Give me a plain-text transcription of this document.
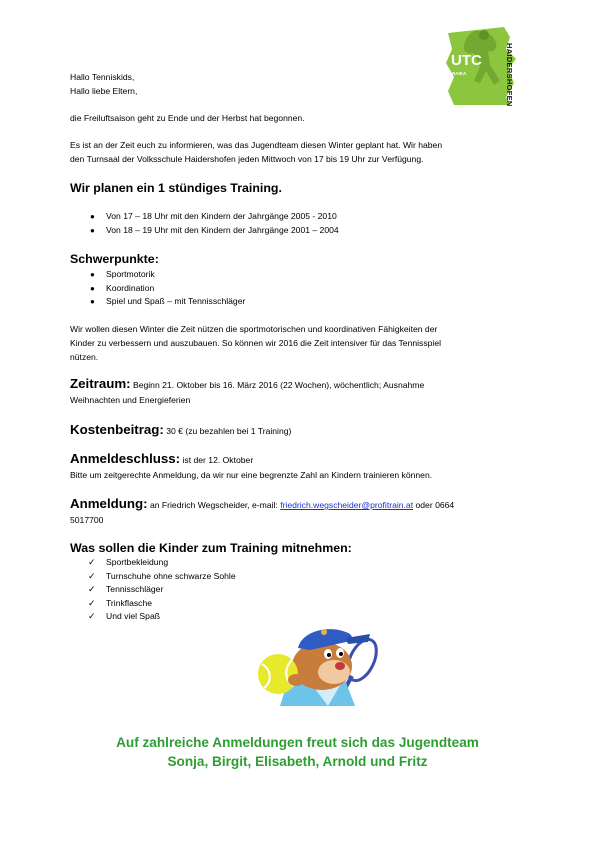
UTC
RAIKA	HAIDERSHOFEN
Hallo Tenniskids,
Hallo liebe Eltern,
die Freiluftsaison geht zu Ende und der Herbst hat begonnen.
Es ist an der Zeit euch zu informieren, was das Jugendteam diesen Winter geplant hat. Wir haben
den Turnsaal der Volksschule Haidershofen jeden Mittwoch von 17 bis 19 Uhr zur Verfügung.
Wir planen ein 1 stündiges Training.
● Von 17 – 18 Uhr mit den Kindern der Jahrgänge 2005 - 2010
● Von 18 – 19 Uhr mit den Kindern der Jahrgänge 2001 – 2004
Schwerpunkte:
● Sportmotorik
● Koordination
● Spiel und Spaß – mit Tennisschläger
Wir wollen diesen Winter die Zeit nützen die sportmotorischen und koordinativen Fähigkeiten der
Kinder zu verbessern und auszubauen. So können wir 2016 die Zeit intensiver für das Tennisspiel
nützen.
Zeitraum: Beginn 21. Oktober bis 16. März 2016 (22 Wochen), wöchentlich; Ausnahme
Weihnachten und Energieferien
Kostenbeitrag: 30 € (zu bezahlen bei 1 Training)
Anmeldeschluss: ist der 12. Oktober
Bitte um zeitgerechte Anmeldung, da wir nur eine begrenzte Zahl an Kindern trainieren können.
Anmeldung: an Friedrich Wegscheider, e-mail: friedrich.wegscheider@profitrain.at oder 0664
5017700
Was sollen die Kinder zum Training mitnehmen:
✓ Sportbekleidung
✓ Turnschuhe ohne schwarze Sohle
✓ Tennisschläger
✓ Trinkflasche
✓ Und viel Spaß
Auf zahlreiche Anmeldungen freut sich das Jugendteam
Sonja, Birgit, Elisabeth, Arnold und Fritz
